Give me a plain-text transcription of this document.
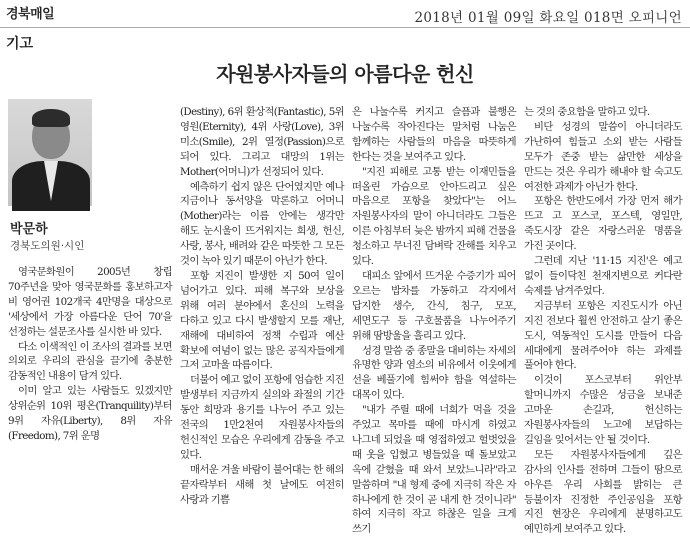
경북매일	2018년 01월 09일 화요일 018면 오피니언
기고
자원봉사자들의 아름다운 헌신
박문하
경북도의원·시인

영국문화원이 2005년 창립 70주년을 맞아 영국문화를 홍보하고자 비 영어권 102개국 4만명을 대상으로 '세상에서 가장 아름다운 단어 70'을 선정하는 설문조사를 실시한 바 있다.

다소 이색적인 이 조사의 결과를 보면 의외로 우리의 관심을 끌기에 충분한 감동적인 내용이 담겨 있다.

이미 알고 있는 사람들도 있겠지만 상위순위 10위 평온(Tranquility)부터 9위 자유(Liberty), 8위 자유(Freedom), 7위 운명

(Destiny), 6위 환상적(Fantastic), 5위 영원(Eternity), 4위 사랑(Love), 3위 미소(Smile), 2위 열정(Passion)으로 되어 있다. 그리고 대망의 1위는 Mother(어머니)가 선정되어 있다.

예측하기 쉽지 않은 단어였지만 예나 지금이나 동서양을 막론하고 어머니(Mother)라는 이름 안에는 생각만 해도 눈시울이 뜨거워지는 희생, 헌신, 사랑, 봉사, 배려와 같은 따뜻한 그 모든 것이 녹아 있기 때문이 아닌가 한다.

포항 지진이 발생한 지 50여 일이 넘어가고 있다. 피해 복구와 보상을 위해 여러 분야에서 혼신의 노력을 다하고 있고 다시 발생할지 모를 재난, 재해에 대비하여 정책 수립과 예산 확보에 여념이 없는 많은 공직자들에게 그저 고마울 따름이다.

더불어 예고 없이 포항에 엄습한 지진 발생부터 지금까지 실의와 좌절의 기간 동안 희망과 용기를 나누어 주고 있는 전국의 1만2천여 자원봉사자들의 헌신적인 모습은 우리에게 감동을 주고 있다.

매서운 겨울 바람이 불어대는 한 해의 끝자락부터 새해 첫 날에도 여전히 사랑과 기쁨

은 나눌수록 커지고 슬픔과 불행은 나눌수록 작아진다는 말처럼 나눔은 함께하는 사람들의 마음을 따뜻하게 한다는 것을 보여주고 있다.

"지진 피해로 고통 받는 이재민들을 떠올린 가슴으로 안아드리고 싶은 마음으로 포항을 찾았다"는 어느 자원봉사자의 말이 아니더라도 그들은 이른 아침부터 늦은 밤까지 피해 건물을 청소하고 무너진 담벼락 잔해를 치우고 있다.

대피소 앞에서 뜨거운 수증기가 피어 오르는 밥차를 가동하고 각지에서 답지한 생수, 간식, 침구, 모포, 세면도구 등 구호물품을 나누어주기 위해 땀방울을 흘리고 있다.

성경 말씀 중 종말을 대비하는 자세의 유명한 양과 염소의 비유에서 이웃에게 선을 베풀기에 힘써야 함을 역설하는 대목이 있다.

"내가 주릴 때에 너희가 먹을 것을 주었고 목마를 때에 마시게 하였고 나그네 되었을 때 영접하였고 헐벗었을 때 옷을 입혔고 병들었을 때 돌보았고 옥에 갇혔을 때 와서 보았느니라"라고 말씀하며 "내 형제 중에 지극히 작은 자 하나에게 한 것이 곧 내게 한 것이니라" 하여 지극히 작고 하찮은 일을 크게 쓰기

는 것의 중요함을 말하고 있다.

비단 성경의 말씀이 아니더라도 가난하여 힘들고 소외 받는 사람들 모두가 존중 받는 삶만한 세상을 만드는 것은 우리가 해내야 할 숙고도 여전한 과제가 아닌가 한다.

포항은 한반도에서 가장 먼저 해가 뜨고 고 포스코, 포스텍, 영일만, 죽도시장 같은 자랑스러운 명품을 가진 곳이다.

그런데 지난 '11·15 지진'은 예고 없이 들이닥친 천재지변으로 커다란 숙제를 남겨주었다.

지금부터 포항은 지진도시가 아닌 지진 전보다 훨씬 안전하고 살기 좋은 도시, 역동적인 도시를 만들어 다음 세대에게 물려주어야 하는 과제를 풀어야 한다.

이것이 포스코부터 위안부 할머니까지 수많은 성금을 보내준 고마운 손길과, 헌신하는 자원봉사자들의 노고에 보답하는 길임을 잊어서는 안 될 것이다.

모든 자원봉사자들에게 깊은 감사의 인사를 전하며 그들이 땀으로 아우른 우리 사회를 밝히는 큰 등불이자 진정한 주인공임을 포항 지진 현장은 우리에게 분명하고도 예민하게 보여주고 있다.
